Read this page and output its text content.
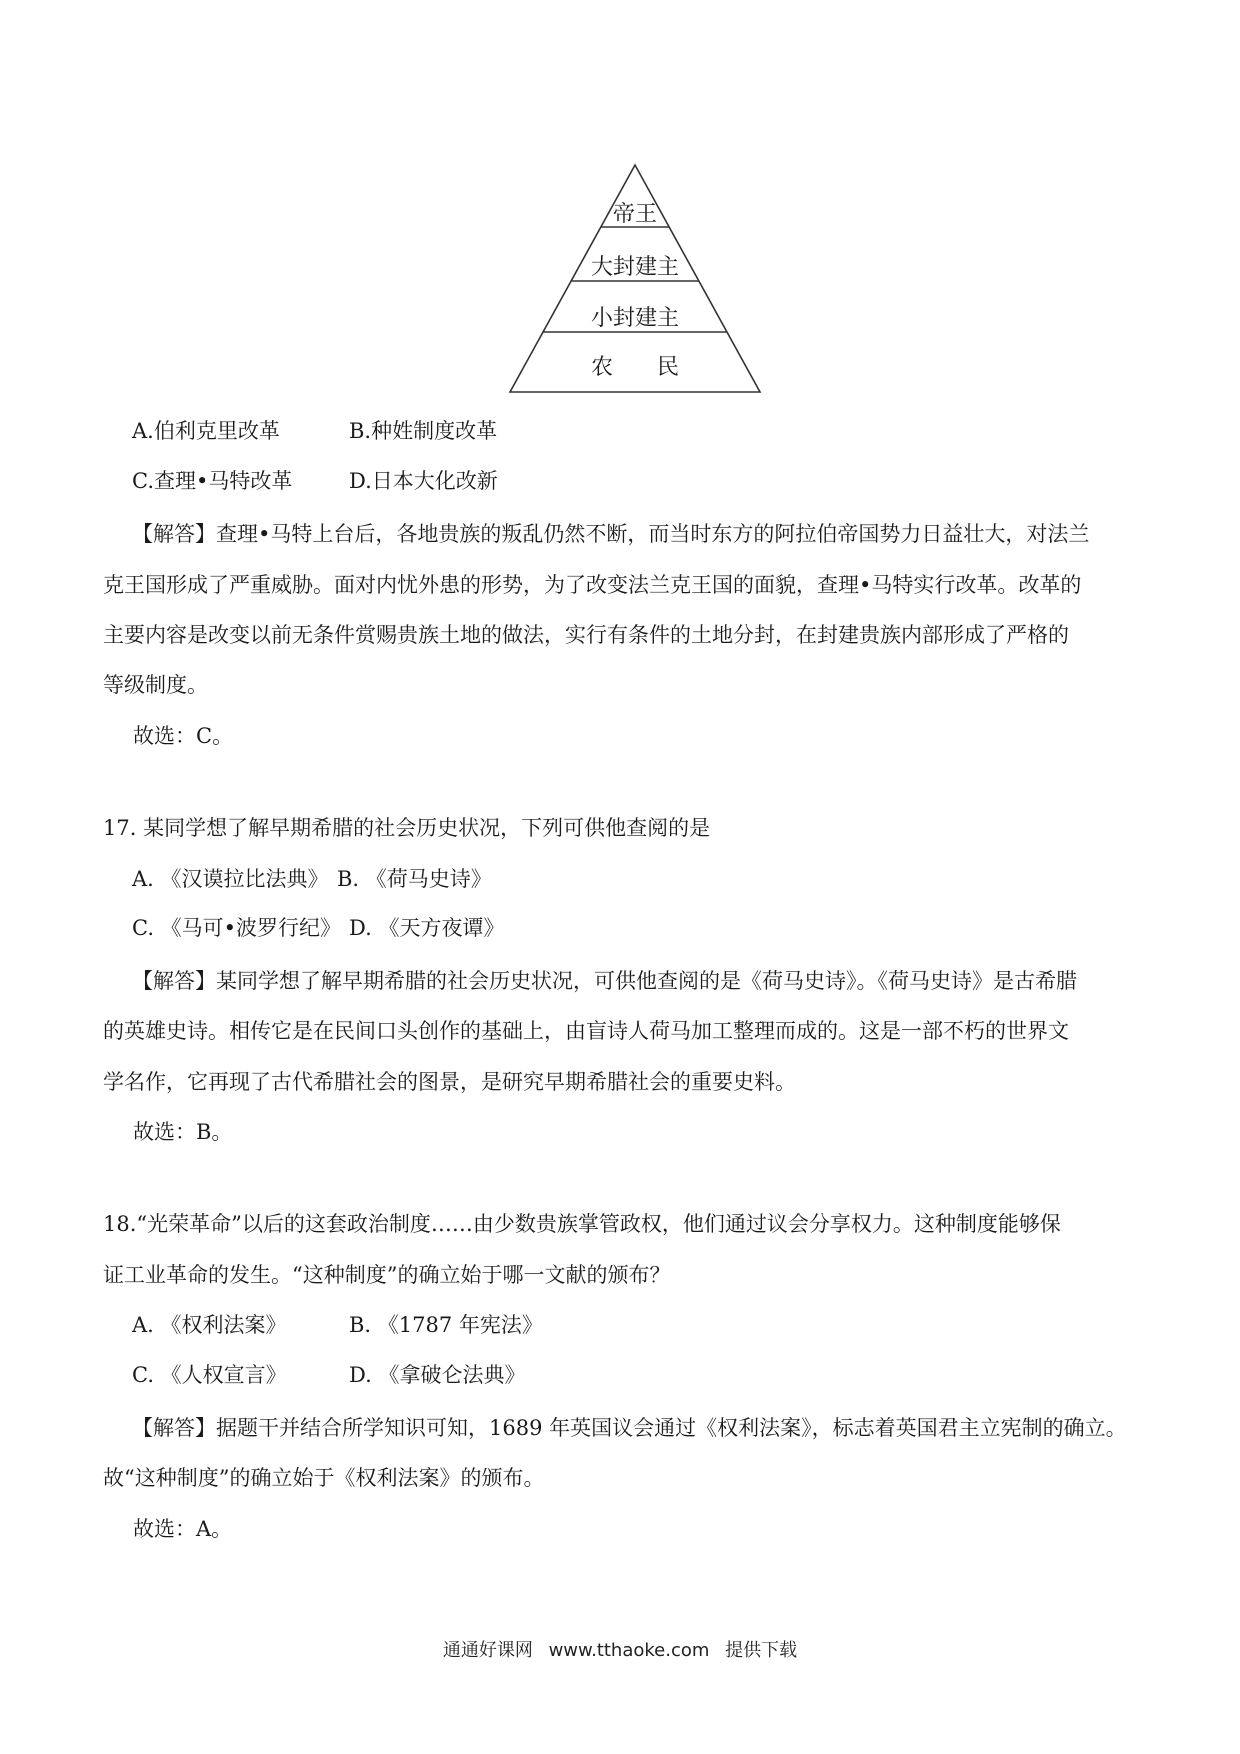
帝王
大封建主
小封建主
农　　民
A.伯利克里改革	B.种姓制度改革
C.查理•马特改革	D.日本大化改新
【解答】查理•马特上台后，各地贵族的叛乱仍然不断，而当时东方的阿拉伯帝国势力日益壮大，对法兰
克王国形成了严重威胁。面对内忧外患的形势，为了改变法兰克王国的面貌，查理•马特实行改革。改革的
主要内容是改变以前无条件赏赐贵族土地的做法，实行有条件的土地分封，在封建贵族内部形成了严格的
等级制度。
故选：C。
17. 某同学想了解早期希腊的社会历史状况，下列可供他查阅的是
A. 《汉谟拉比法典》 B. 《荷马史诗》
C. 《马可•波罗行纪》 D. 《天方夜谭》
【解答】某同学想了解早期希腊的社会历史状况，可供他查阅的是《荷马史诗》。《荷马史诗》是古希腊
的英雄史诗。相传它是在民间口头创作的基础上，由盲诗人荷马加工整理而成的。这是一部不朽的世界文
学名作，它再现了古代希腊社会的图景，是研究早期希腊社会的重要史料。
故选：B。
18.“光荣革命”以后的这套政治制度……由少数贵族掌管政权，他们通过议会分享权力。这种制度能够保
证工业革命的发生。“这种制度”的确立始于哪一文献的颁布？
A. 《权利法案》	B. 《1787 年宪法》
C. 《人权宣言》	D. 《拿破仑法典》
【解答】据题干并结合所学知识可知，1689 年英国议会通过《权利法案》，标志着英国君主立宪制的确立。
故“这种制度”的确立始于《权利法案》的颁布。
故选：A。
通通好课网 www.tthaoke.com 提供下载
